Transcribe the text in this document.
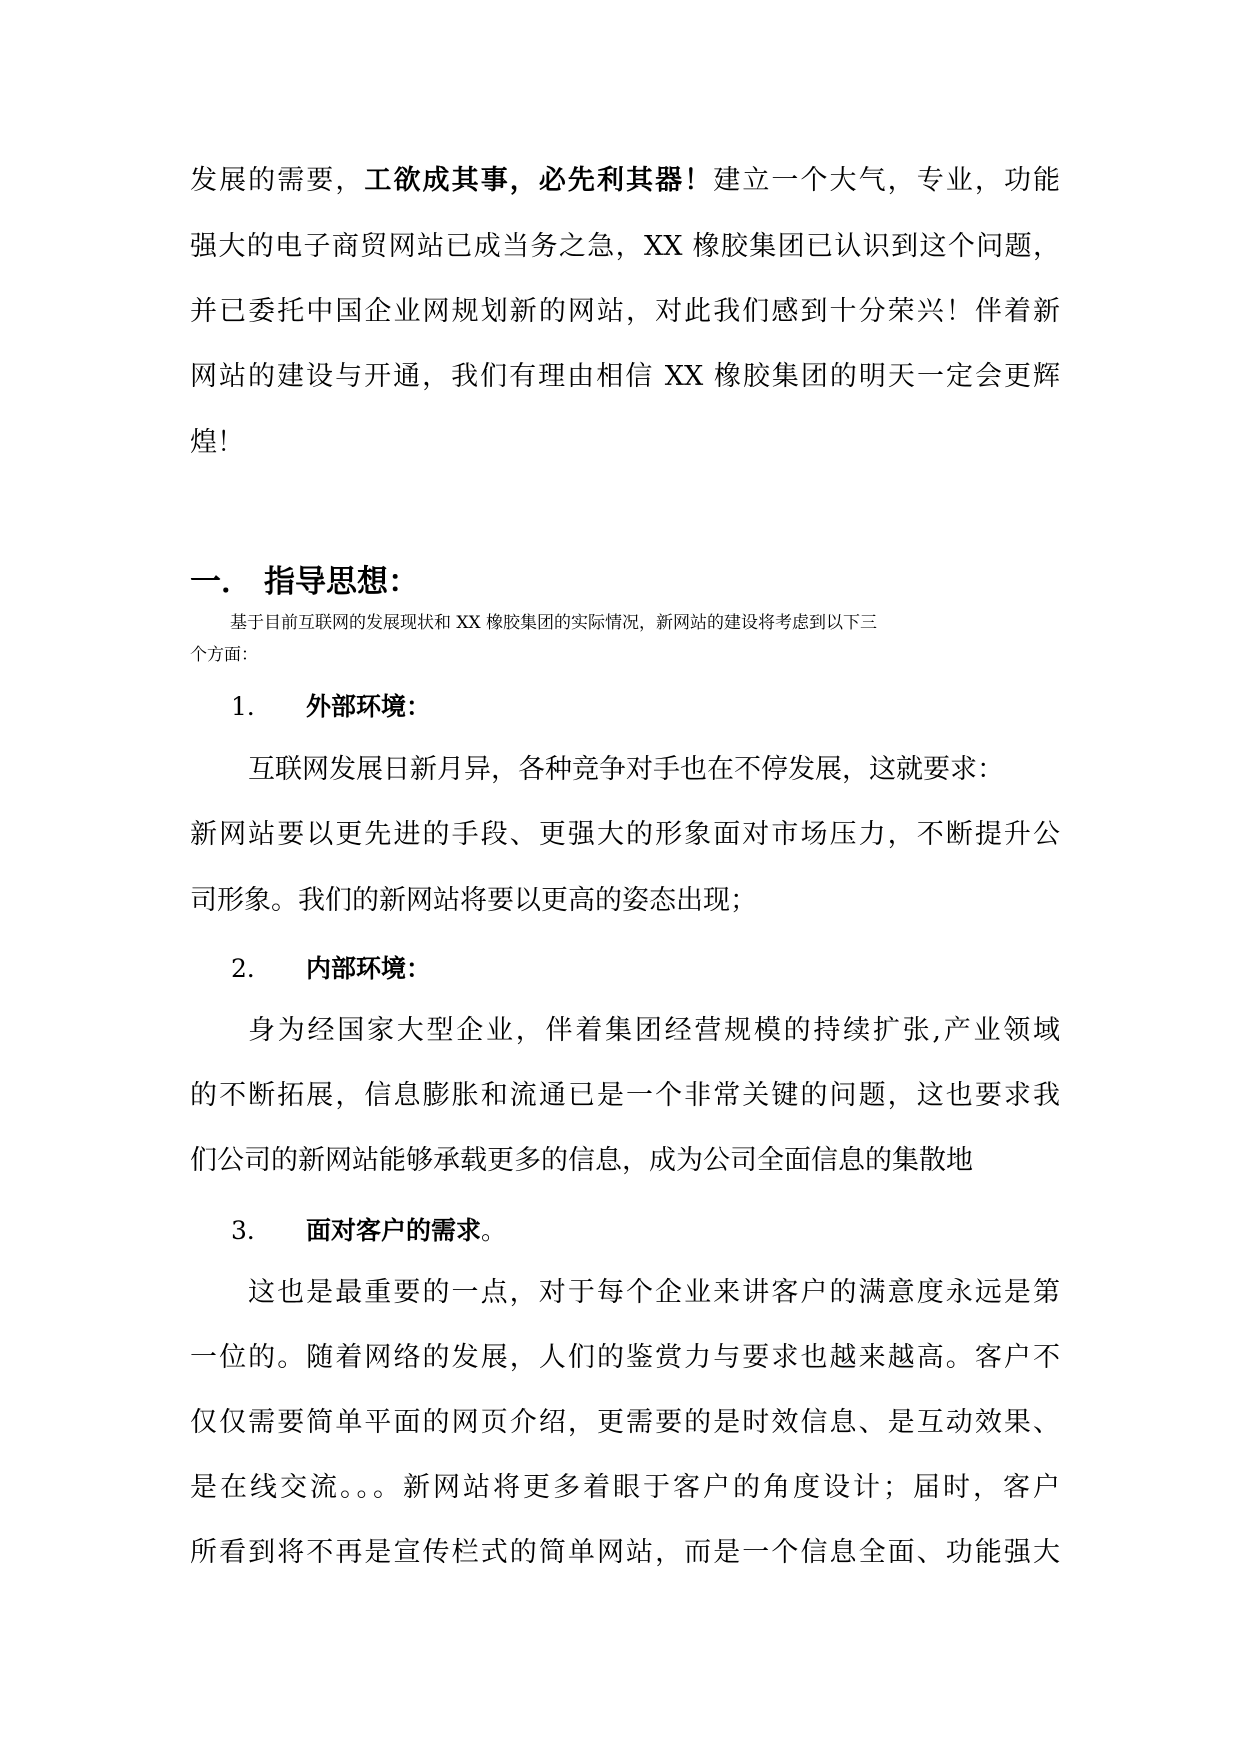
发展的需要，工欲成其事，必先利其器！建立一个大气，专业，功能
强大的电子商贸网站已成当务之急，XX 橡胶集团已认识到这个问题，
并已委托中国企业网规划新的网站，对此我们感到十分荣兴！伴着新
网站的建设与开通，我们有理由相信 XX 橡胶集团的明天一定会更辉
煌！
一． 指导思想：
基于目前互联网的发展现状和 XX 橡胶集团的实际情况，新网站的建设将考虑到以下三
个方面：
1． 外部环境：
互联网发展日新月异，各种竞争对手也在不停发展，这就要求：
新网站要以更先进的手段、更强大的形象面对市场压力，不断提升公
司形象。我们的新网站将要以更高的姿态出现；
2． 内部环境：
身为经国家大型企业，伴着集团经营规模的持续扩张,产业领域
的不断拓展，信息膨胀和流通已是一个非常关键的问题，这也要求我
们公司的新网站能够承载更多的信息，成为公司全面信息的集散地
3． 面对客户的需求。
这也是最重要的一点，对于每个企业来讲客户的满意度永远是第
一位的。随着网络的发展，人们的鉴赏力与要求也越来越高。客户不
仅仅需要简单平面的网页介绍，更需要的是时效信息、是互动效果、
是在线交流。。。新网站将更多着眼于客户的角度设计；届时，客户
所看到将不再是宣传栏式的简单网站，而是一个信息全面、功能强大
